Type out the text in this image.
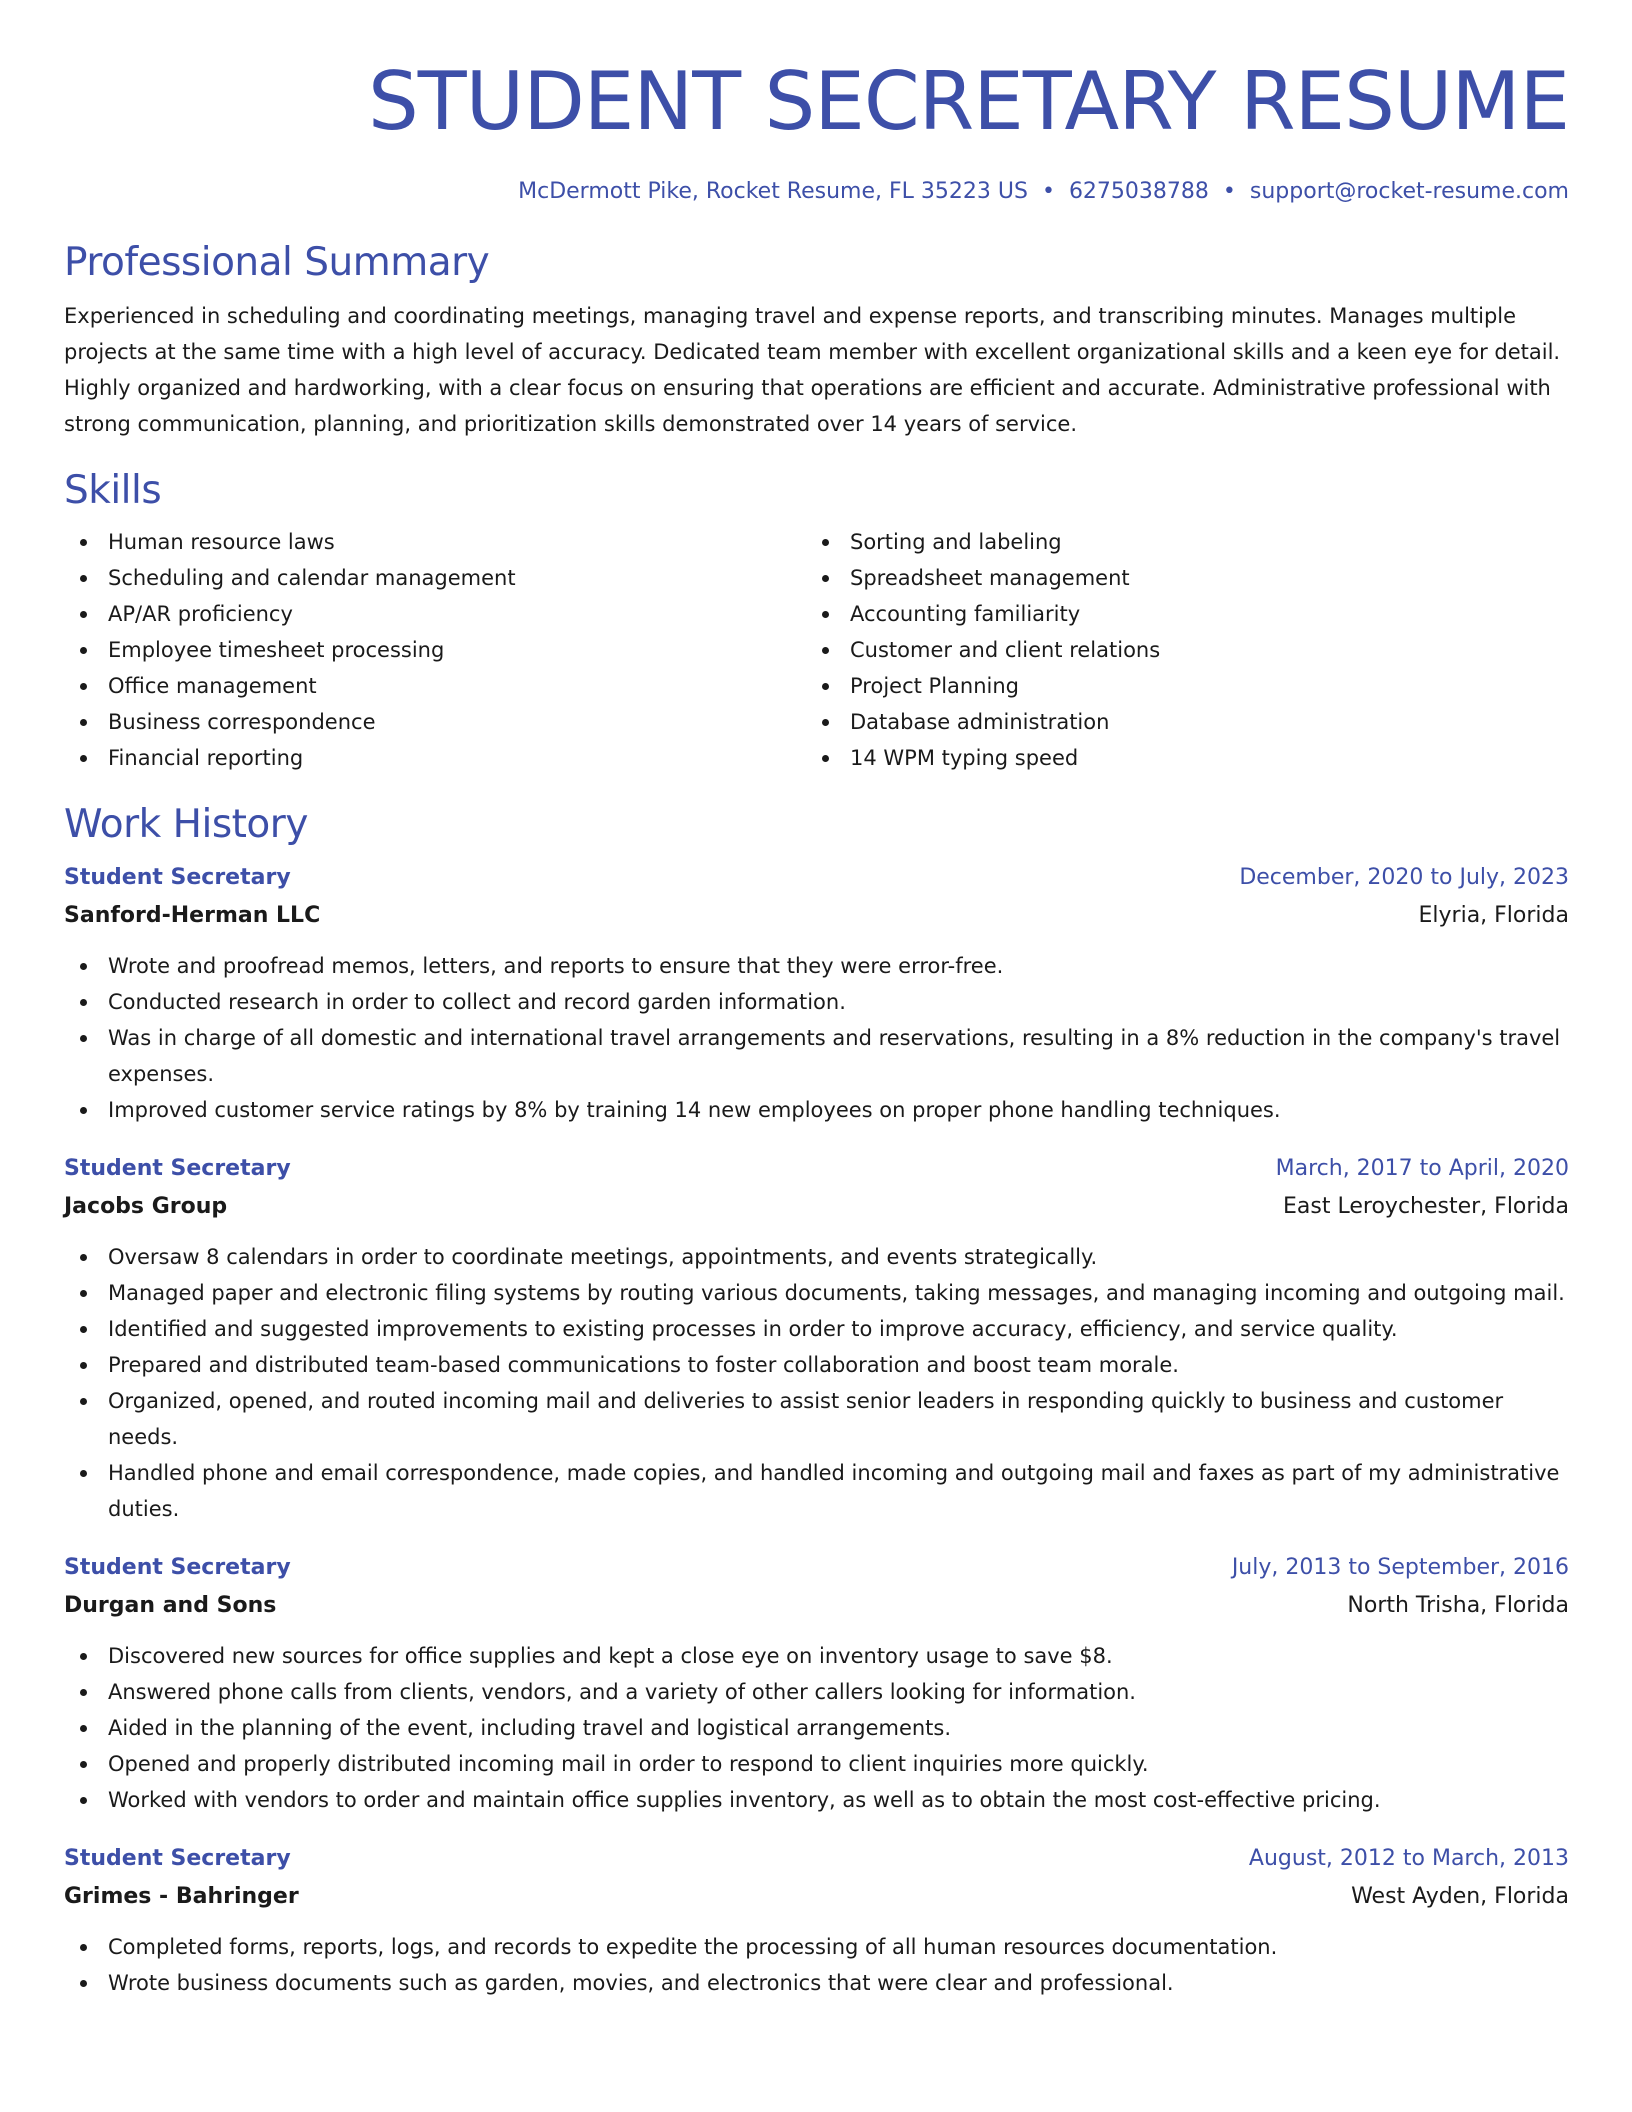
STUDENT SECRETARY RESUME
McDermott Pike, Rocket Resume, FL 35223 US • 6275038788 • support@rocket-resume.com
Professional Summary

Experienced in scheduling and coordinating meetings, managing travel and expense reports, and transcribing minutes. Manages multiple projects at the same time with a high level of accuracy. Dedicated team member with excellent organizational skills and a keen eye for detail. Highly organized and hardworking, with a clear focus on ensuring that operations are efficient and accurate. Administrative professional with strong communication, planning, and prioritization skills demonstrated over 14 years of service.

Skills
Human resource laws
Scheduling and calendar management
AP/AR proficiency
Employee timesheet processing
Office management
Business correspondence
Financial reporting
Sorting and labeling
Spreadsheet management
Accounting familiarity
Customer and client relations
Project Planning
Database administration
14 WPM typing speed
Work History
Student Secretary	December, 2020 to July, 2023
Sanford-Herman LLC	Elyria, Florida
Wrote and proofread memos, letters, and reports to ensure that they were error-free.
Conducted research in order to collect and record garden information.
Was in charge of all domestic and international travel arrangements and reservations, resulting in a 8% reduction in the company's travel expenses.
Improved customer service ratings by 8% by training 14 new employees on proper phone handling techniques.
Student Secretary	March, 2017 to April, 2020
Jacobs Group	East Leroychester, Florida
Oversaw 8 calendars in order to coordinate meetings, appointments, and events strategically.
Managed paper and electronic filing systems by routing various documents, taking messages, and managing incoming and outgoing mail.
Identified and suggested improvements to existing processes in order to improve accuracy, efficiency, and service quality.
Prepared and distributed team-based communications to foster collaboration and boost team morale.
Organized, opened, and routed incoming mail and deliveries to assist senior leaders in responding quickly to business and customer needs.
Handled phone and email correspondence, made copies, and handled incoming and outgoing mail and faxes as part of my administrative duties.
Student Secretary	July, 2013 to September, 2016
Durgan and Sons	North Trisha, Florida
Discovered new sources for office supplies and kept a close eye on inventory usage to save $8.
Answered phone calls from clients, vendors, and a variety of other callers looking for information.
Aided in the planning of the event, including travel and logistical arrangements.
Opened and properly distributed incoming mail in order to respond to client inquiries more quickly.
Worked with vendors to order and maintain office supplies inventory, as well as to obtain the most cost-effective pricing.
Student Secretary	August, 2012 to March, 2013
Grimes - Bahringer	West Ayden, Florida
Completed forms, reports, logs, and records to expedite the processing of all human resources documentation.
Wrote business documents such as garden, movies, and electronics that were clear and professional.
